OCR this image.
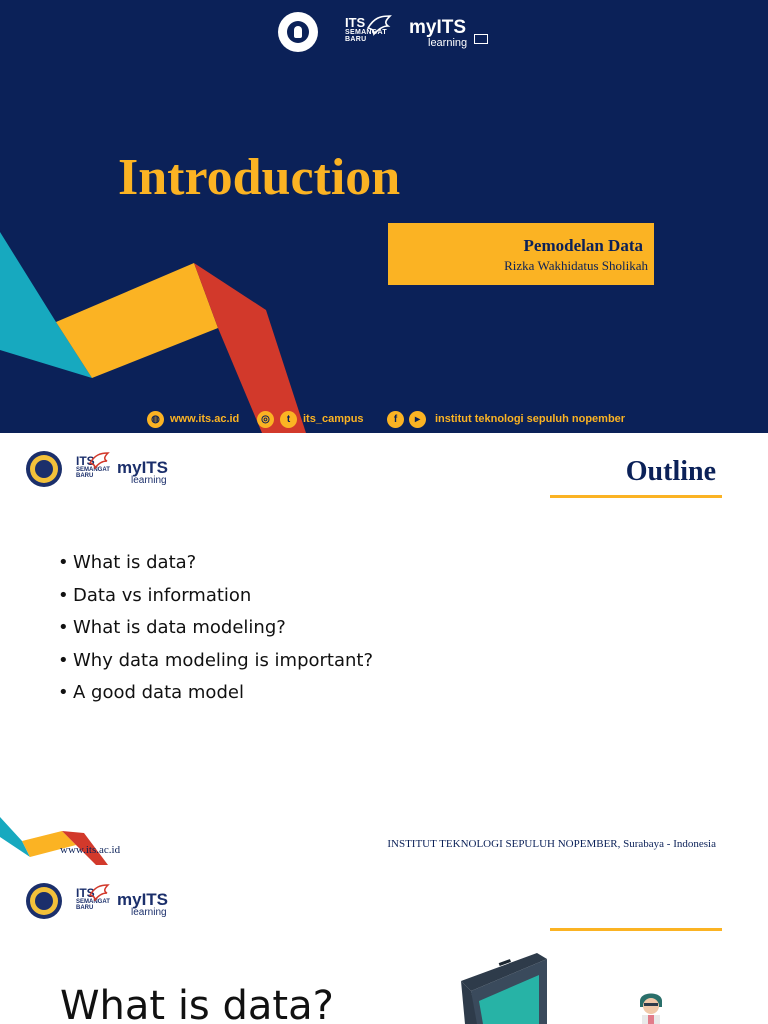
ITS
SEMANGAT
BARU
myITS
learning
Introduction
Pemodelan Data
Rizka Wakhidatus Sholikah
◍ www.its.ac.id	◎	t	its_campus	f	▸	institut teknologi sepuluh nopember
ITS
SEMANGAT
BARU	myITS
learning	Outline
• What is data?
• Data vs information
• What is data modeling?
• Why data modeling is important?
• A good data model
www.its.ac.id	INSTITUT TEKNOLOGI SEPULUH NOPEMBER, Surabaya - Indonesia
ITS
SEMANGAT
BARU	myITS
learning
What is data?
